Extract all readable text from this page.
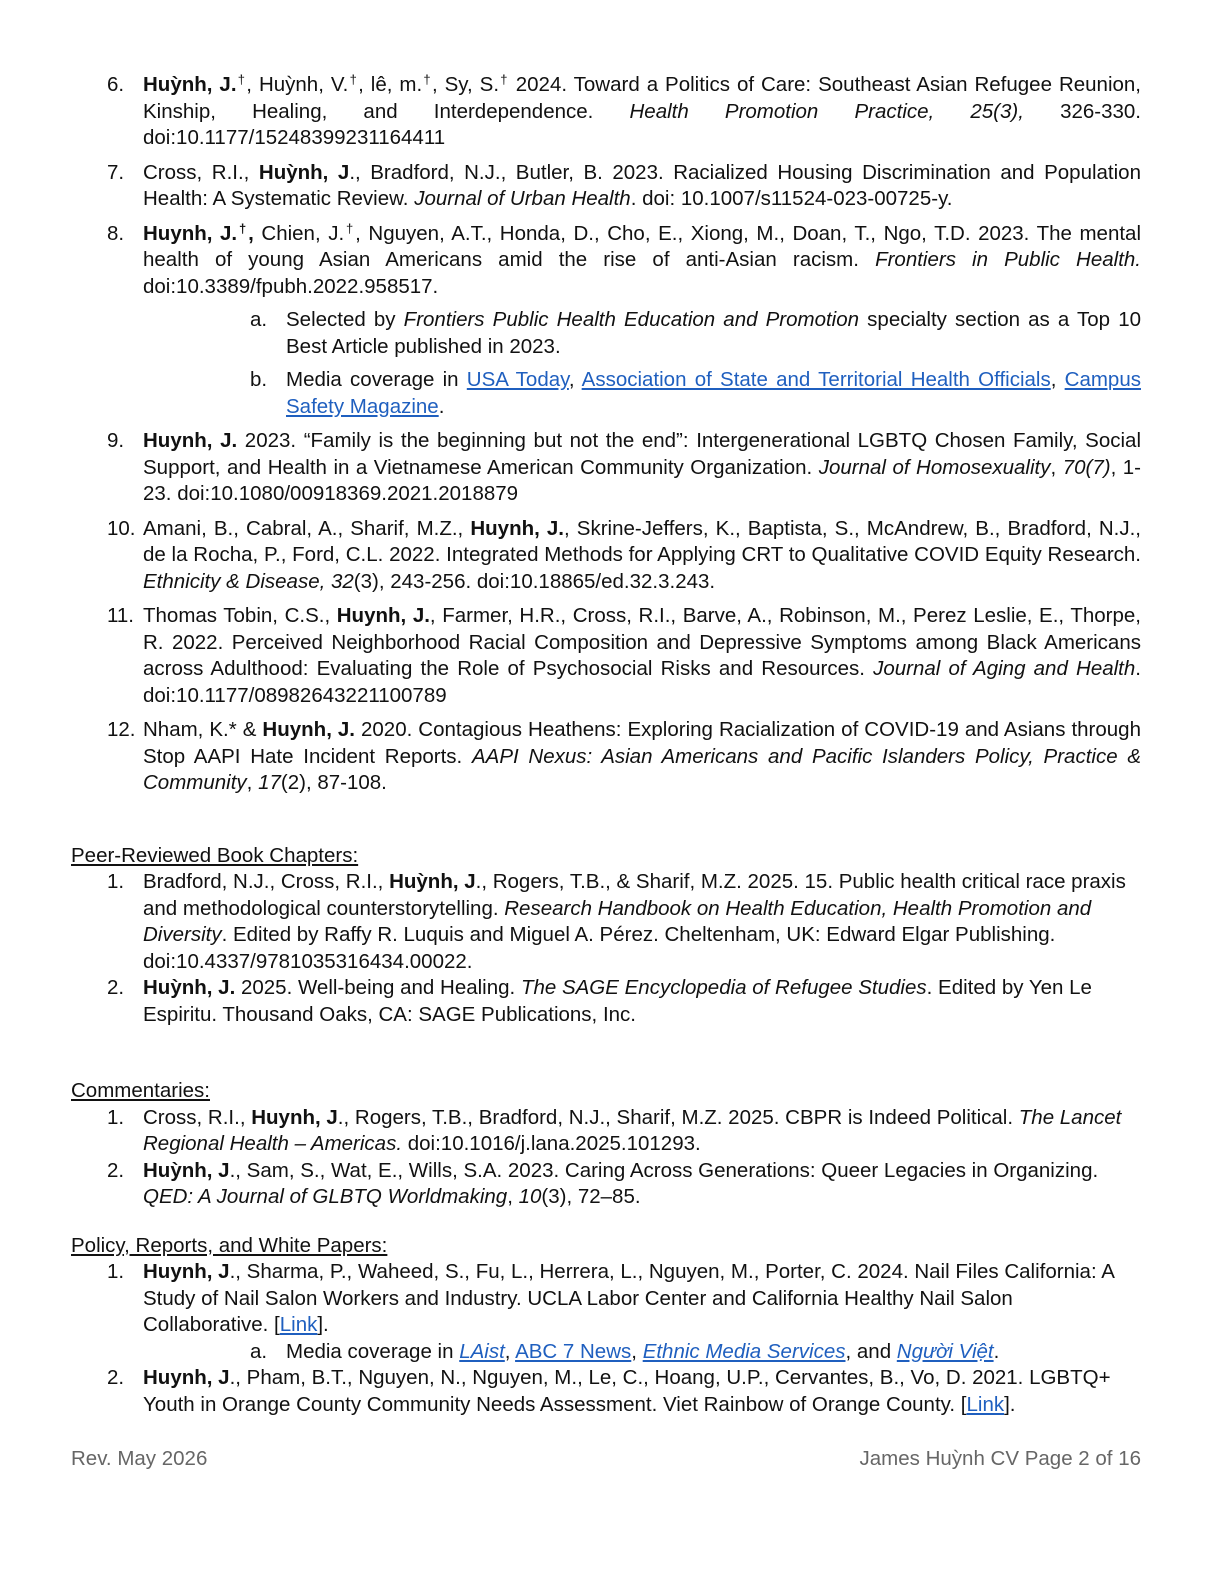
6. Huỳnh, J.†, Huỳnh, V.†, lê, m.†, Sy, S.† 2024. Toward a Politics of Care: Southeast Asian Refugee Reunion, Kinship, Healing, and Interdependence. Health Promotion Practice, 25(3), 326-330. doi:10.1177/15248399231164411
7. Cross, R.I., Huỳnh, J., Bradford, N.J., Butler, B. 2023. Racialized Housing Discrimination and Population Health: A Systematic Review. Journal of Urban Health. doi: 10.1007/s11524-023-00725-y.
8. Huynh, J.†, Chien, J.†, Nguyen, A.T., Honda, D., Cho, E., Xiong, M., Doan, T., Ngo, T.D. 2023. The mental health of young Asian Americans amid the rise of anti-Asian racism. Frontiers in Public Health. doi:10.3389/fpubh.2022.958517.
a. Selected by Frontiers Public Health Education and Promotion specialty section as a Top 10 Best Article published in 2023.
b. Media coverage in USA Today, Association of State and Territorial Health Officials, Campus Safety Magazine.
9. Huynh, J. 2023. “Family is the beginning but not the end”: Intergenerational LGBTQ Chosen Family, Social Support, and Health in a Vietnamese American Community Organization. Journal of Homosexuality, 70(7), 1-23. doi:10.1080/00918369.2021.2018879
10. Amani, B., Cabral, A., Sharif, M.Z., Huynh, J., Skrine-Jeffers, K., Baptista, S., McAndrew, B., Bradford, N.J., de la Rocha, P., Ford, C.L. 2022. Integrated Methods for Applying CRT to Qualitative COVID Equity Research. Ethnicity & Disease, 32(3), 243-256. doi:10.18865/ed.32.3.243.
11. Thomas Tobin, C.S., Huynh, J., Farmer, H.R., Cross, R.I., Barve, A., Robinson, M., Perez Leslie, E., Thorpe, R. 2022. Perceived Neighborhood Racial Composition and Depressive Symptoms among Black Americans across Adulthood: Evaluating the Role of Psychosocial Risks and Resources. Journal of Aging and Health. doi:10.1177/08982643221100789
12. Nham, K.* & Huynh, J. 2020. Contagious Heathens: Exploring Racialization of COVID-19 and Asians through Stop AAPI Hate Incident Reports. AAPI Nexus: Asian Americans and Pacific Islanders Policy, Practice & Community, 17(2), 87-108.
Peer-Reviewed Book Chapters:
1. Bradford, N.J., Cross, R.I., Huỳnh, J., Rogers, T.B., & Sharif, M.Z. 2025. 15. Public health critical race praxis and methodological counterstorytelling. Research Handbook on Health Education, Health Promotion and Diversity. Edited by Raffy R. Luquis and Miguel A. Pérez. Cheltenham, UK: Edward Elgar Publishing. doi:10.4337/9781035316434.00022.
2. Huỳnh, J. 2025. Well-being and Healing. The SAGE Encyclopedia of Refugee Studies. Edited by Yen Le Espiritu. Thousand Oaks, CA: SAGE Publications, Inc.
Commentaries:
1. Cross, R.I., Huynh, J., Rogers, T.B., Bradford, N.J., Sharif, M.Z. 2025. CBPR is Indeed Political. The Lancet Regional Health – Americas. doi:10.1016/j.lana.2025.101293.
2. Huỳnh, J., Sam, S., Wat, E., Wills, S.A. 2023. Caring Across Generations: Queer Legacies in Organizing. QED: A Journal of GLBTQ Worldmaking, 10(3), 72–85.
Policy, Reports, and White Papers:
1. Huynh, J., Sharma, P., Waheed, S., Fu, L., Herrera, L., Nguyen, M., Porter, C. 2024. Nail Files California: A Study of Nail Salon Workers and Industry. UCLA Labor Center and California Healthy Nail Salon Collaborative. [Link].
a. Media coverage in LAist, ABC 7 News, Ethnic Media Services, and Người Việt.
2. Huynh, J., Pham, B.T., Nguyen, N., Nguyen, M., Le, C., Hoang, U.P., Cervantes, B., Vo, D. 2021. LGBTQ+ Youth in Orange County Community Needs Assessment. Viet Rainbow of Orange County. [Link].
Rev. May 2026	James Huỳnh CV Page 2 of 16
